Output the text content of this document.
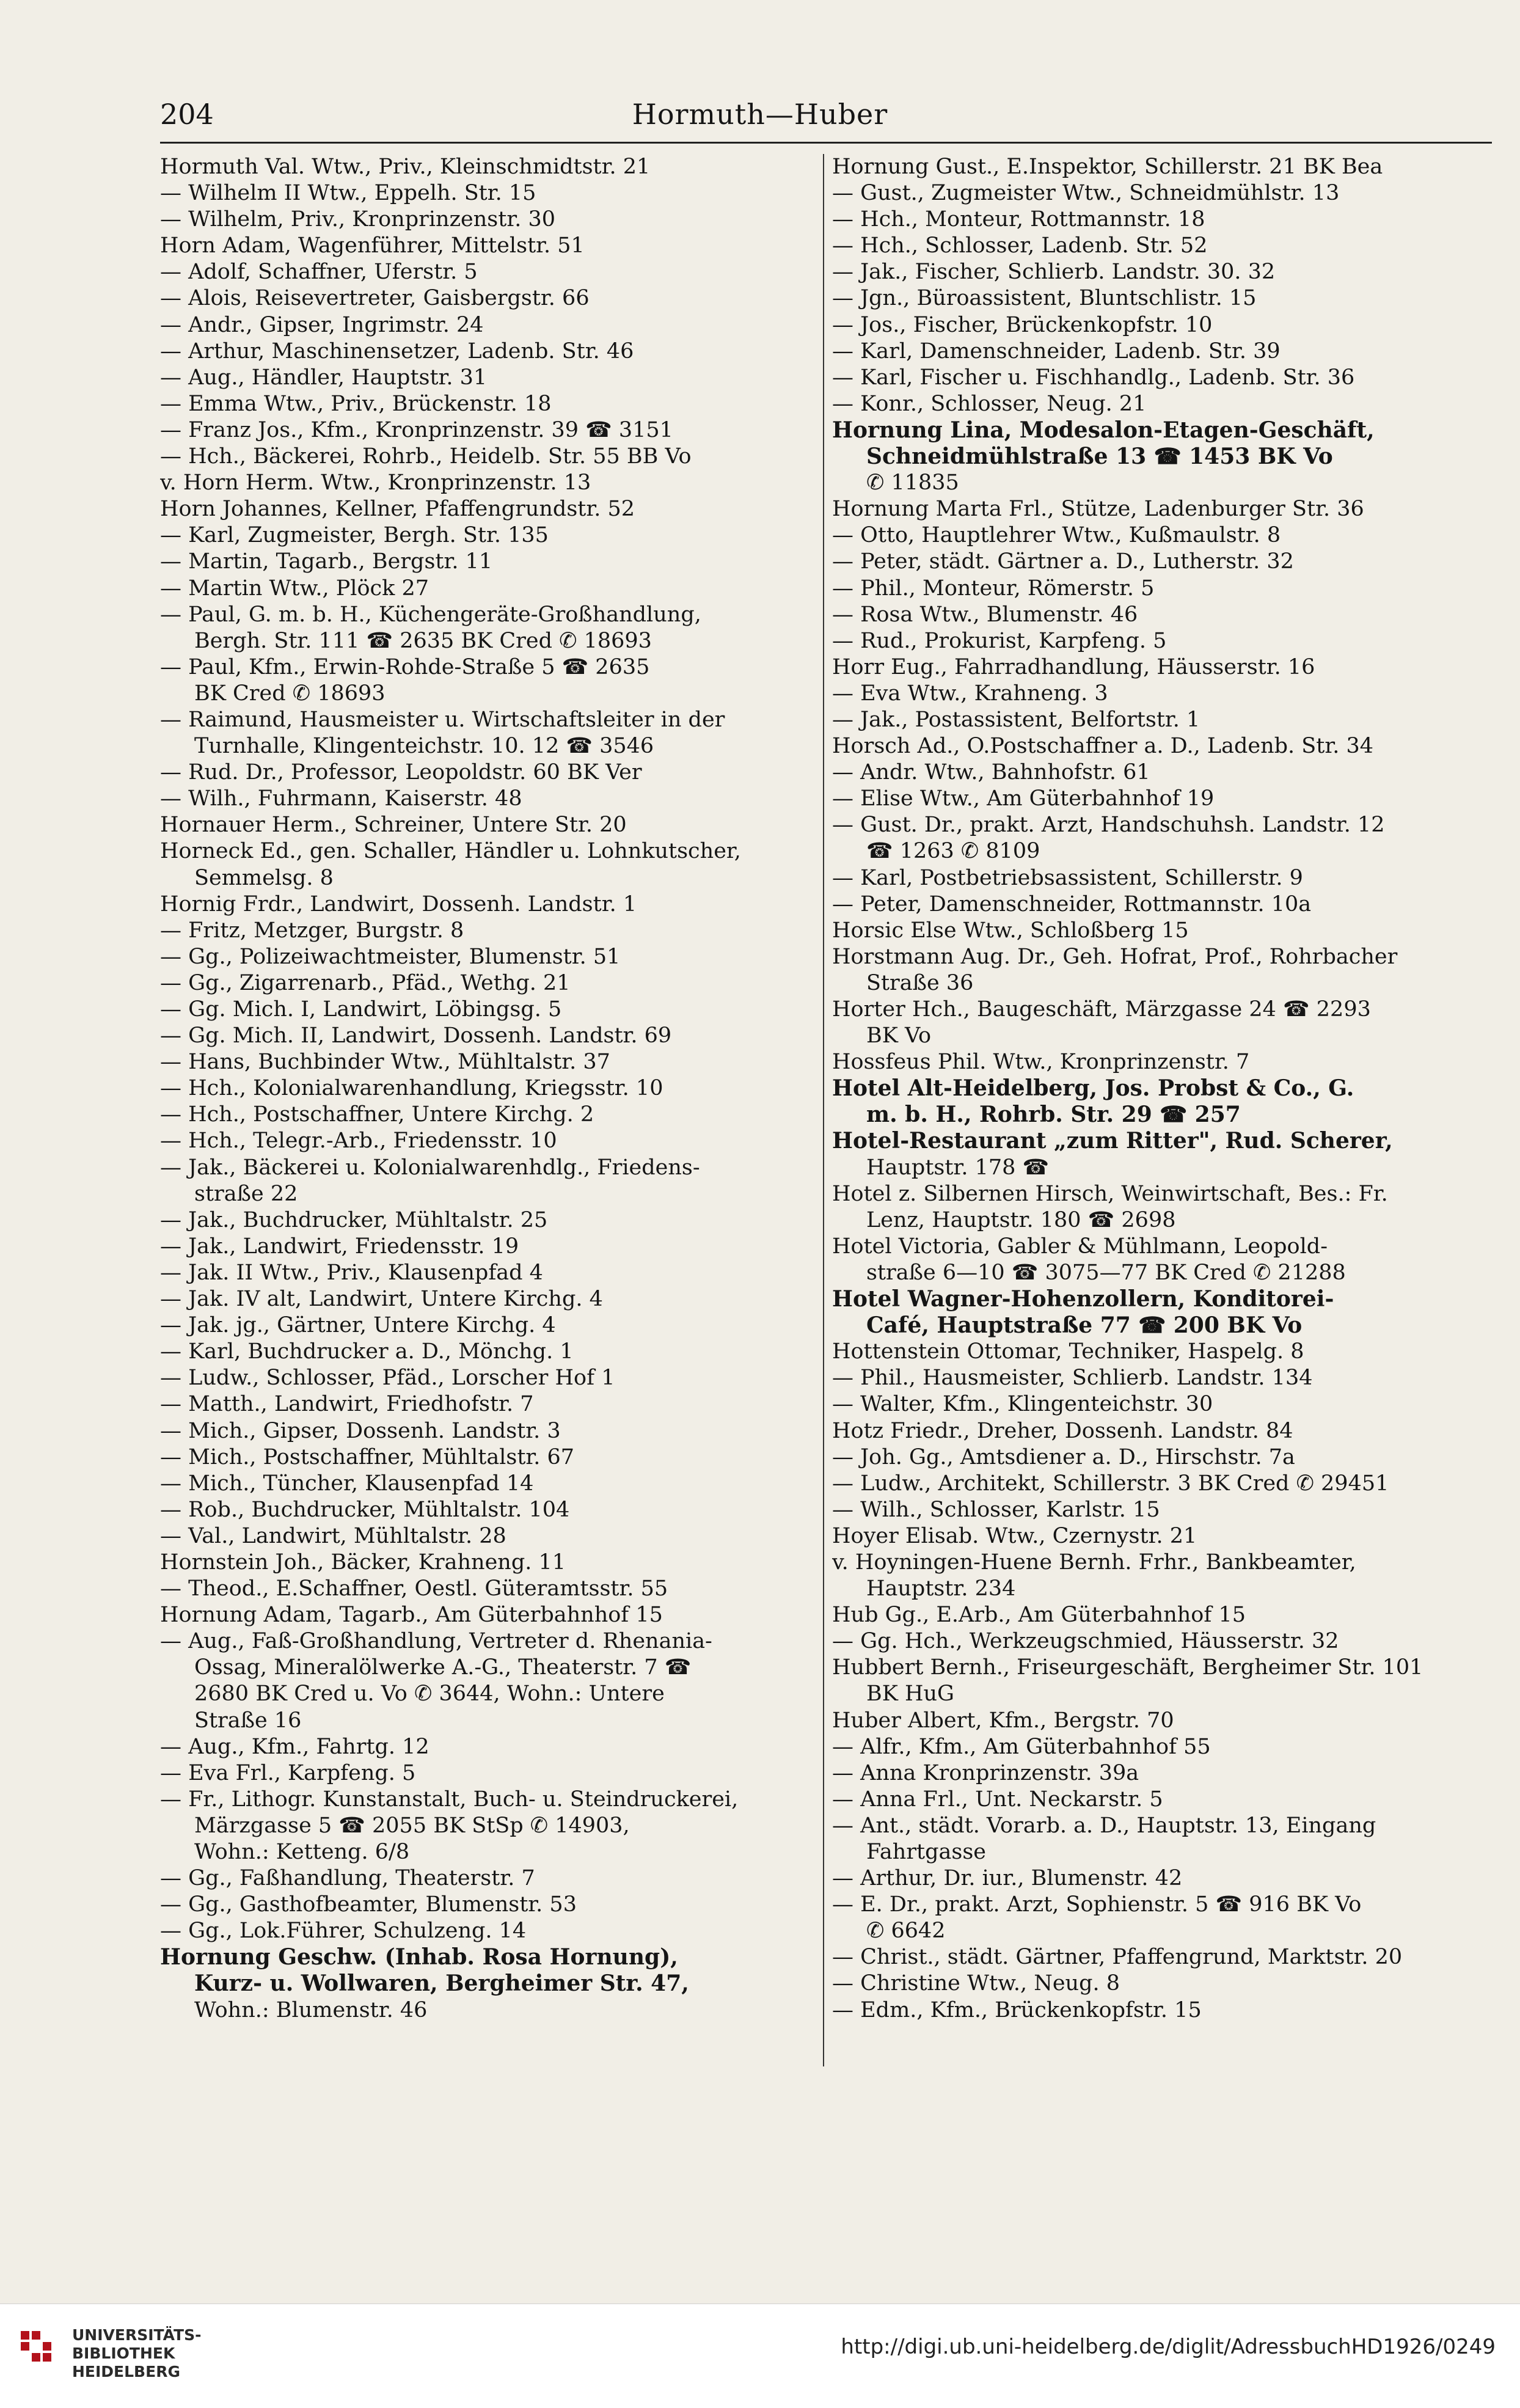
204	Hormuth—Huber
Hormuth Val. Wtw., Priv., Kleinschmidtstr. 21
— Wilhelm II Wtw., Eppelh. Str. 15
— Wilhelm, Priv., Kronprinzenstr. 30
Horn Adam, Wagenführer, Mittelstr. 51
— Adolf, Schaffner, Uferstr. 5
— Alois, Reisevertreter, Gaisbergstr. 66
— Andr., Gipser, Ingrimstr. 24
— Arthur, Maschinensetzer, Ladenb. Str. 46
— Aug., Händler, Hauptstr. 31
— Emma Wtw., Priv., Brückenstr. 18
— Franz Jos., Kfm., Kronprinzenstr. 39 ☎ 3151
— Hch., Bäckerei, Rohrb., Heidelb. Str. 55 BB Vo
v. Horn Herm. Wtw., Kronprinzenstr. 13
Horn Johannes, Kellner, Pfaffengrundstr. 52
— Karl, Zugmeister, Bergh. Str. 135
— Martin, Tagarb., Bergstr. 11
— Martin Wtw., Plöck 27
— Paul, G. m. b. H., Küchengeräte-Großhandlung,
Bergh. Str. 111 ☎ 2635 BK Cred ✆ 18693
— Paul, Kfm., Erwin-Rohde-Straße 5 ☎ 2635
BK Cred ✆ 18693
— Raimund, Hausmeister u. Wirtschaftsleiter in der
Turnhalle, Klingenteichstr. 10. 12 ☎ 3546
— Rud. Dr., Professor, Leopoldstr. 60 BK Ver
— Wilh., Fuhrmann, Kaiserstr. 48
Hornauer Herm., Schreiner, Untere Str. 20
Horneck Ed., gen. Schaller, Händler u. Lohnkutscher,
Semmelsg. 8
Hornig Frdr., Landwirt, Dossenh. Landstr. 1
— Fritz, Metzger, Burgstr. 8
— Gg., Polizeiwachtmeister, Blumenstr. 51
— Gg., Zigarrenarb., Pfäd., Wethg. 21
— Gg. Mich. I, Landwirt, Löbingsg. 5
— Gg. Mich. II, Landwirt, Dossenh. Landstr. 69
— Hans, Buchbinder Wtw., Mühltalstr. 37
— Hch., Kolonialwarenhandlung, Kriegsstr. 10
— Hch., Postschaffner, Untere Kirchg. 2
— Hch., Telegr.-Arb., Friedensstr. 10
— Jak., Bäckerei u. Kolonialwarenhdlg., Friedens-
straße 22
— Jak., Buchdrucker, Mühltalstr. 25
— Jak., Landwirt, Friedensstr. 19
— Jak. II Wtw., Priv., Klausenpfad 4
— Jak. IV alt, Landwirt, Untere Kirchg. 4
— Jak. jg., Gärtner, Untere Kirchg. 4
— Karl, Buchdrucker a. D., Mönchg. 1
— Ludw., Schlosser, Pfäd., Lorscher Hof 1
— Matth., Landwirt, Friedhofstr. 7
— Mich., Gipser, Dossenh. Landstr. 3
— Mich., Postschaffner, Mühltalstr. 67
— Mich., Tüncher, Klausenpfad 14
— Rob., Buchdrucker, Mühltalstr. 104
— Val., Landwirt, Mühltalstr. 28
Hornstein Joh., Bäcker, Krahneng. 11
— Theod., E.Schaffner, Oestl. Güteramtsstr. 55
Hornung Adam, Tagarb., Am Güterbahnhof 15
— Aug., Faß-Großhandlung, Vertreter d. Rhenania-
Ossag, Mineralölwerke A.-G., Theaterstr. 7 ☎
2680 BK Cred u. Vo ✆ 3644, Wohn.: Untere
Straße 16
— Aug., Kfm., Fahrtg. 12
— Eva Frl., Karpfeng. 5
— Fr., Lithogr. Kunstanstalt, Buch- u. Steindruckerei,
Märzgasse 5 ☎ 2055 BK StSp ✆ 14903,
Wohn.: Ketteng. 6/8
— Gg., Faßhandlung, Theaterstr. 7
— Gg., Gasthofbeamter, Blumenstr. 53
— Gg., Lok.Führer, Schulzeng. 14
Hornung Geschw. (Inhab. Rosa Hornung),
Kurz- u. Wollwaren, Bergheimer Str. 47,
Wohn.: Blumenstr. 46
Hornung Gust., E.Inspektor, Schillerstr. 21 BK Bea
— Gust., Zugmeister Wtw., Schneidmühlstr. 13
— Hch., Monteur, Rottmannstr. 18
— Hch., Schlosser, Ladenb. Str. 52
— Jak., Fischer, Schlierb. Landstr. 30. 32
— Jgn., Büroassistent, Bluntschlistr. 15
— Jos., Fischer, Brückenkopfstr. 10
— Karl, Damenschneider, Ladenb. Str. 39
— Karl, Fischer u. Fischhandlg., Ladenb. Str. 36
— Konr., Schlosser, Neug. 21
Hornung Lina, Modesalon-Etagen-Geschäft,
Schneidmühlstraße 13 ☎ 1453 BK Vo
✆ 11835
Hornung Marta Frl., Stütze, Ladenburger Str. 36
— Otto, Hauptlehrer Wtw., Kußmaulstr. 8
— Peter, städt. Gärtner a. D., Lutherstr. 32
— Phil., Monteur, Römerstr. 5
— Rosa Wtw., Blumenstr. 46
— Rud., Prokurist, Karpfeng. 5
Horr Eug., Fahrradhandlung, Häusserstr. 16
— Eva Wtw., Krahneng. 3
— Jak., Postassistent, Belfortstr. 1
Horsch Ad., O.Postschaffner a. D., Ladenb. Str. 34
— Andr. Wtw., Bahnhofstr. 61
— Elise Wtw., Am Güterbahnhof 19
— Gust. Dr., prakt. Arzt, Handschuhsh. Landstr. 12
☎ 1263 ✆ 8109
— Karl, Postbetriebsassistent, Schillerstr. 9
— Peter, Damenschneider, Rottmannstr. 10a
Horsic Else Wtw., Schloßberg 15
Horstmann Aug. Dr., Geh. Hofrat, Prof., Rohrbacher
Straße 36
Horter Hch., Baugeschäft, Märzgasse 24 ☎ 2293
BK Vo
Hossfeus Phil. Wtw., Kronprinzenstr. 7
Hotel Alt-Heidelberg, Jos. Probst & Co., G.
m. b. H., Rohrb. Str. 29 ☎ 257
Hotel-Restaurant „zum Ritter", Rud. Scherer,
Hauptstr. 178 ☎
Hotel z. Silbernen Hirsch, Weinwirtschaft, Bes.: Fr.
Lenz, Hauptstr. 180 ☎ 2698
Hotel Victoria, Gabler & Mühlmann, Leopold-
straße 6—10 ☎ 3075—77 BK Cred ✆ 21288
Hotel Wagner-Hohenzollern, Konditorei-
Café, Hauptstraße 77 ☎ 200 BK Vo
Hottenstein Ottomar, Techniker, Haspelg. 8
— Phil., Hausmeister, Schlierb. Landstr. 134
— Walter, Kfm., Klingenteichstr. 30
Hotz Friedr., Dreher, Dossenh. Landstr. 84
— Joh. Gg., Amtsdiener a. D., Hirschstr. 7a
— Ludw., Architekt, Schillerstr. 3 BK Cred ✆ 29451
— Wilh., Schlosser, Karlstr. 15
Hoyer Elisab. Wtw., Czernystr. 21
v. Hoyningen-Huene Bernh. Frhr., Bankbeamter,
Hauptstr. 234
Hub Gg., E.Arb., Am Güterbahnhof 15
— Gg. Hch., Werkzeugschmied, Häusserstr. 32
Hubbert Bernh., Friseurgeschäft, Bergheimer Str. 101
BK HuG
Huber Albert, Kfm., Bergstr. 70
— Alfr., Kfm., Am Güterbahnhof 55
— Anna Kronprinzenstr. 39a
— Anna Frl., Unt. Neckarstr. 5
— Ant., städt. Vorarb. a. D., Hauptstr. 13, Eingang
Fahrtgasse
— Arthur, Dr. iur., Blumenstr. 42
— E. Dr., prakt. Arzt, Sophienstr. 5 ☎ 916 BK Vo
✆ 6642
— Christ., städt. Gärtner, Pfaffengrund, Marktstr. 20
— Christine Wtw., Neug. 8
— Edm., Kfm., Brückenkopfstr. 15
UNIVERSITÄTS-
BIBLIOTHEK
HEIDELBERG
http://digi.ub.uni-heidelberg.de/diglit/AdressbuchHD1926/0249
